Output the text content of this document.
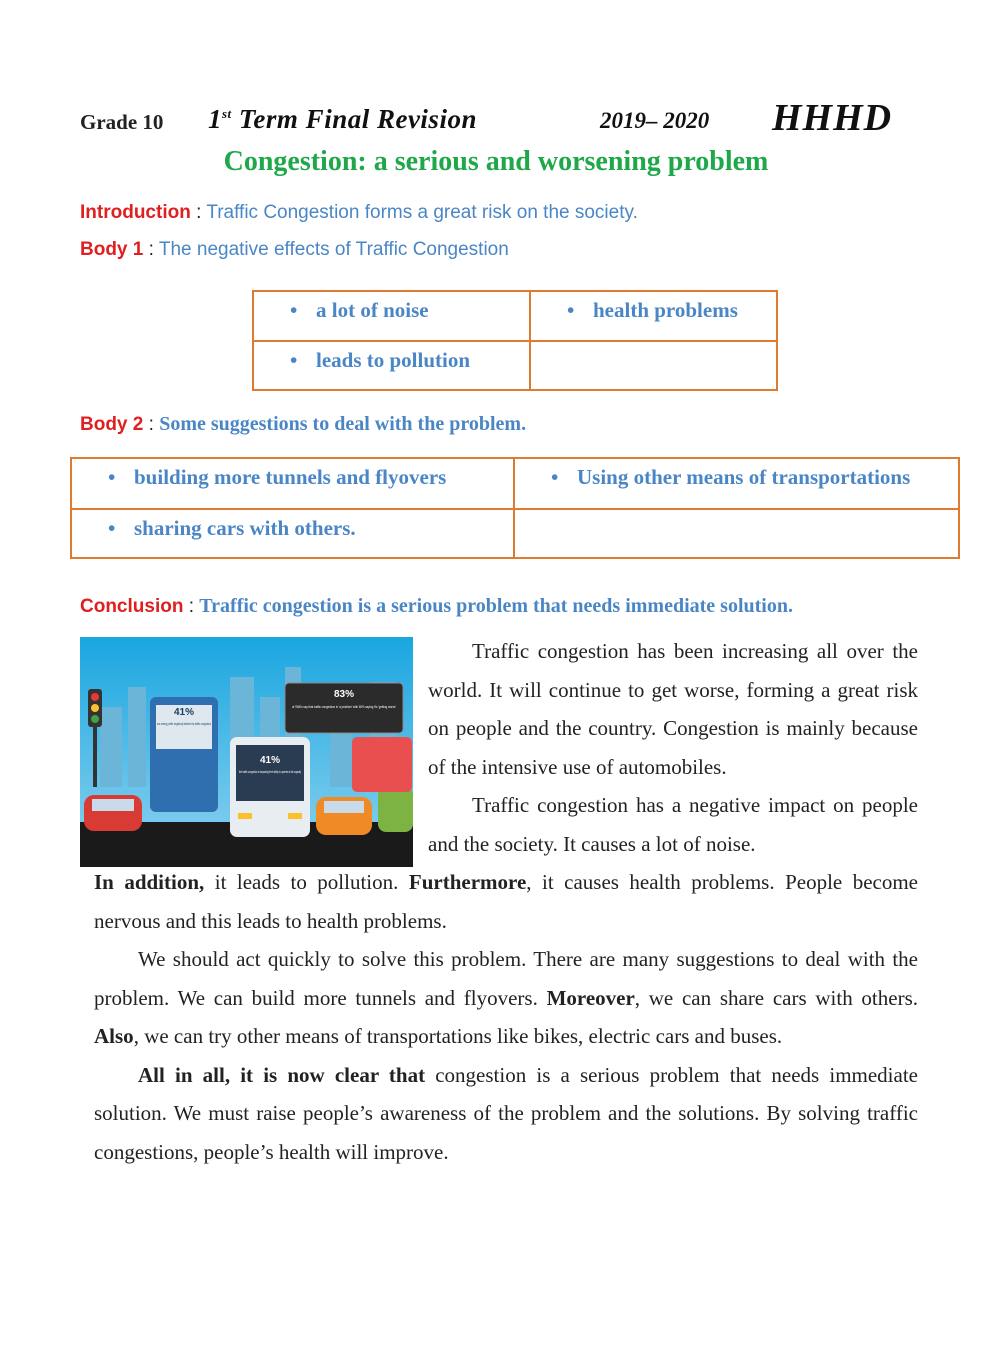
Grade 10 1st Term Final Revision	2019– 2020 HHHD
Congestion: a serious and worsening problem
Introduction : Traffic Congestion forms a great risk on the society.
Body 1 : The negative effects of Traffic Congestion
• a lot of noise	• health problems
• leads to pollution	
Body 2 : Some suggestions to deal with the problem.
• building more tunnels and flyovers	• Using other means of transportations
• sharing cars with others.	
Conclusion : Traffic congestion is a serious problem that needs immediate solution.
41%
are seeing profits negatively affected by traffic congestion
41%
feel traffic congestion is impacting their ability to operate at full capacity
83%
of SMEs say that traffic congestion is 'a problem' with 60% saying it's 'getting worse'

Traffic congestion has been increasing all over the world. It will continue to get worse, forming a great risk on people and the country. Congestion is mainly because of the intensive use of automobiles.

Traffic congestion has a negative impact on people and the society. It causes a lot of noise.

In addition, it leads to pollution. Furthermore, it causes health problems. People become nervous and this leads to health problems.

We should act quickly to solve this problem. There are many suggestions to deal with the problem. We can build more tunnels and flyovers. Moreover, we can share cars with others. Also, we can try other means of transportations like bikes, electric cars and buses.

All in all, it is now clear that congestion is a serious problem that needs immediate solution. We must raise people’s awareness of the problem and the solutions. By solving traffic congestions, people’s health will improve.
